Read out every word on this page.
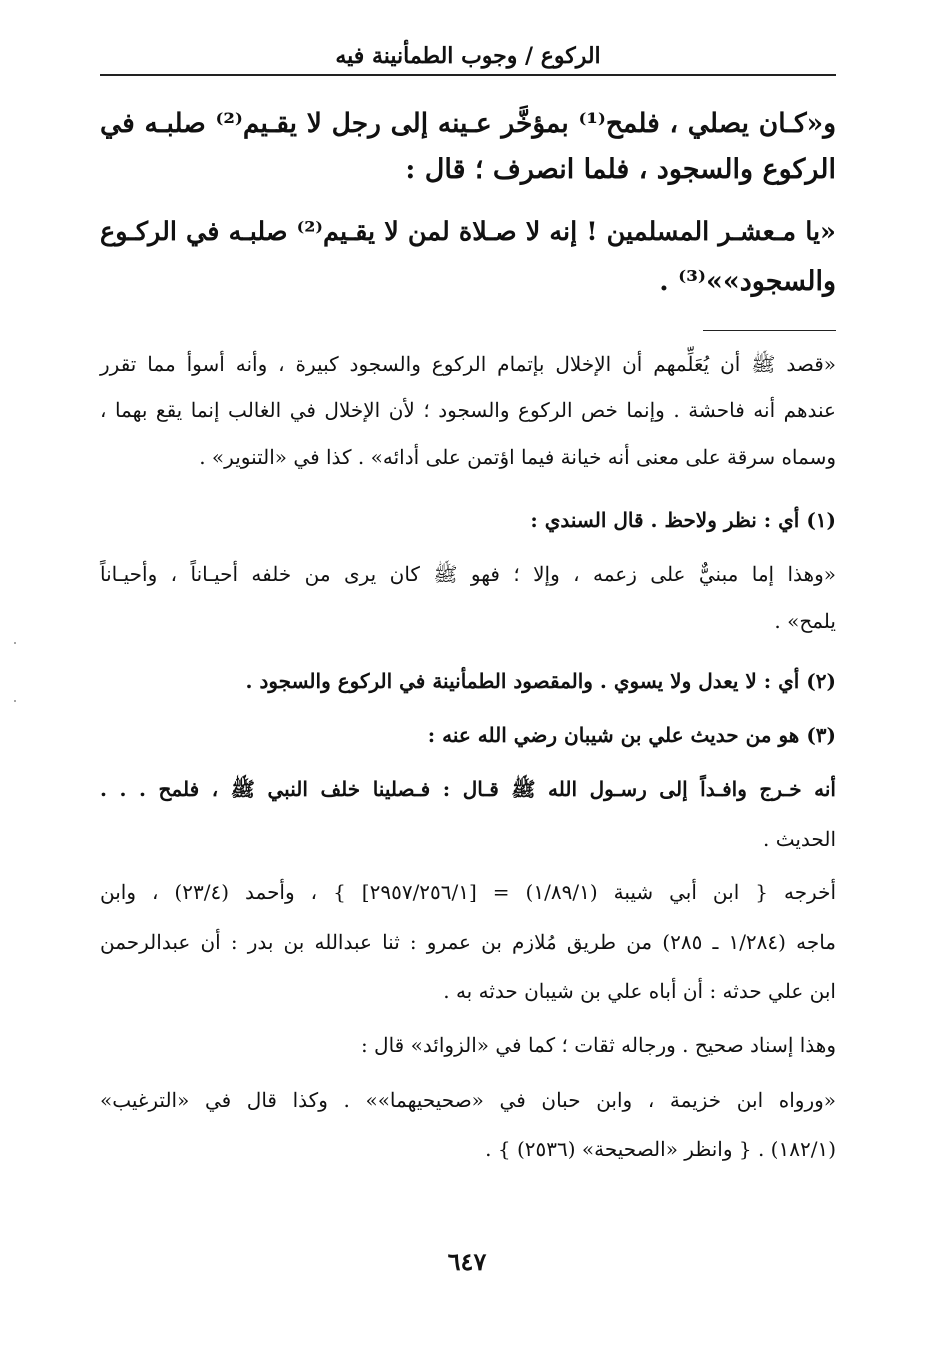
الركوع / وجوب الطمأنينة فيه
و«كـان يصلي ، فلمح⁽¹⁾ بمؤخَّر عـينه إلى رجل لا يقـيم⁽²⁾ صلبـه في
الركوع والسجود ، فلما انصرف ؛ قال :
«يا مـعشـر المسلمين ! إنه لا صـلاة لمن لا يقـيم⁽²⁾ صلبـه في الركـوع
والسجود»»⁽³⁾ .
«قصد ﷺ أن يُعَلِّمهم أن الإخلال بإتمام الركوع والسجود كبيرة ، وأنه أسوأ مما تقرر
عندهم أنه فاحشة . وإنما خص الركوع والسجود ؛ لأن الإخلال في الغالب إنما يقع بهما ،
وسماه سرقة على معنى أنه خيانة فيما اؤتمن على أدائه» . كذا في «التنوير» .
(١) أي : نظر ولاحظ . قال السندي :
«وهذا إما مبنيٌّ على زعمه ، وإلا ؛ فهو ﷺ كان يرى من خلفه أحيـاناً ، وأحيـاناً
يلمح» .
(٢) أي : لا يعدل ولا يسوي . والمقصود الطمأنينة في الركوع والسجود .
(٣) هو من حديث علي بن شيبان رضي الله عنه :
أنه خـرج وافـداً إلى رسـول الله ﷺ قـال : فـصلينا خلف النبي ﷺ ، فلمح . . .
الحديث .
أخرجه { ابن أبي شيبة (١/٨٩/١) = [٢٩٥٧/٢٥٦/١] } ، وأحمد (٢٣/٤) ، وابن
ماجه (١/٢٨٤ ـ ٢٨٥) من طريق مُلازم بن عمرو : ثنا عبدالله بن بدر : أن عبدالرحمن
ابن علي حدثه : أن أباه علي بن شيبان حدثه به .
وهذا إسناد صحيح . ورجاله ثقات ؛ كما في «الزوائد» قال :
«ورواه ابن خزيمة ، وابن حبان في «صحيحيهما»» . وكذا قال في «الترغيب»
(١٨٢/١) . { وانظر «الصحيحة» (٢٥٣٦) } .
٦٤٧
